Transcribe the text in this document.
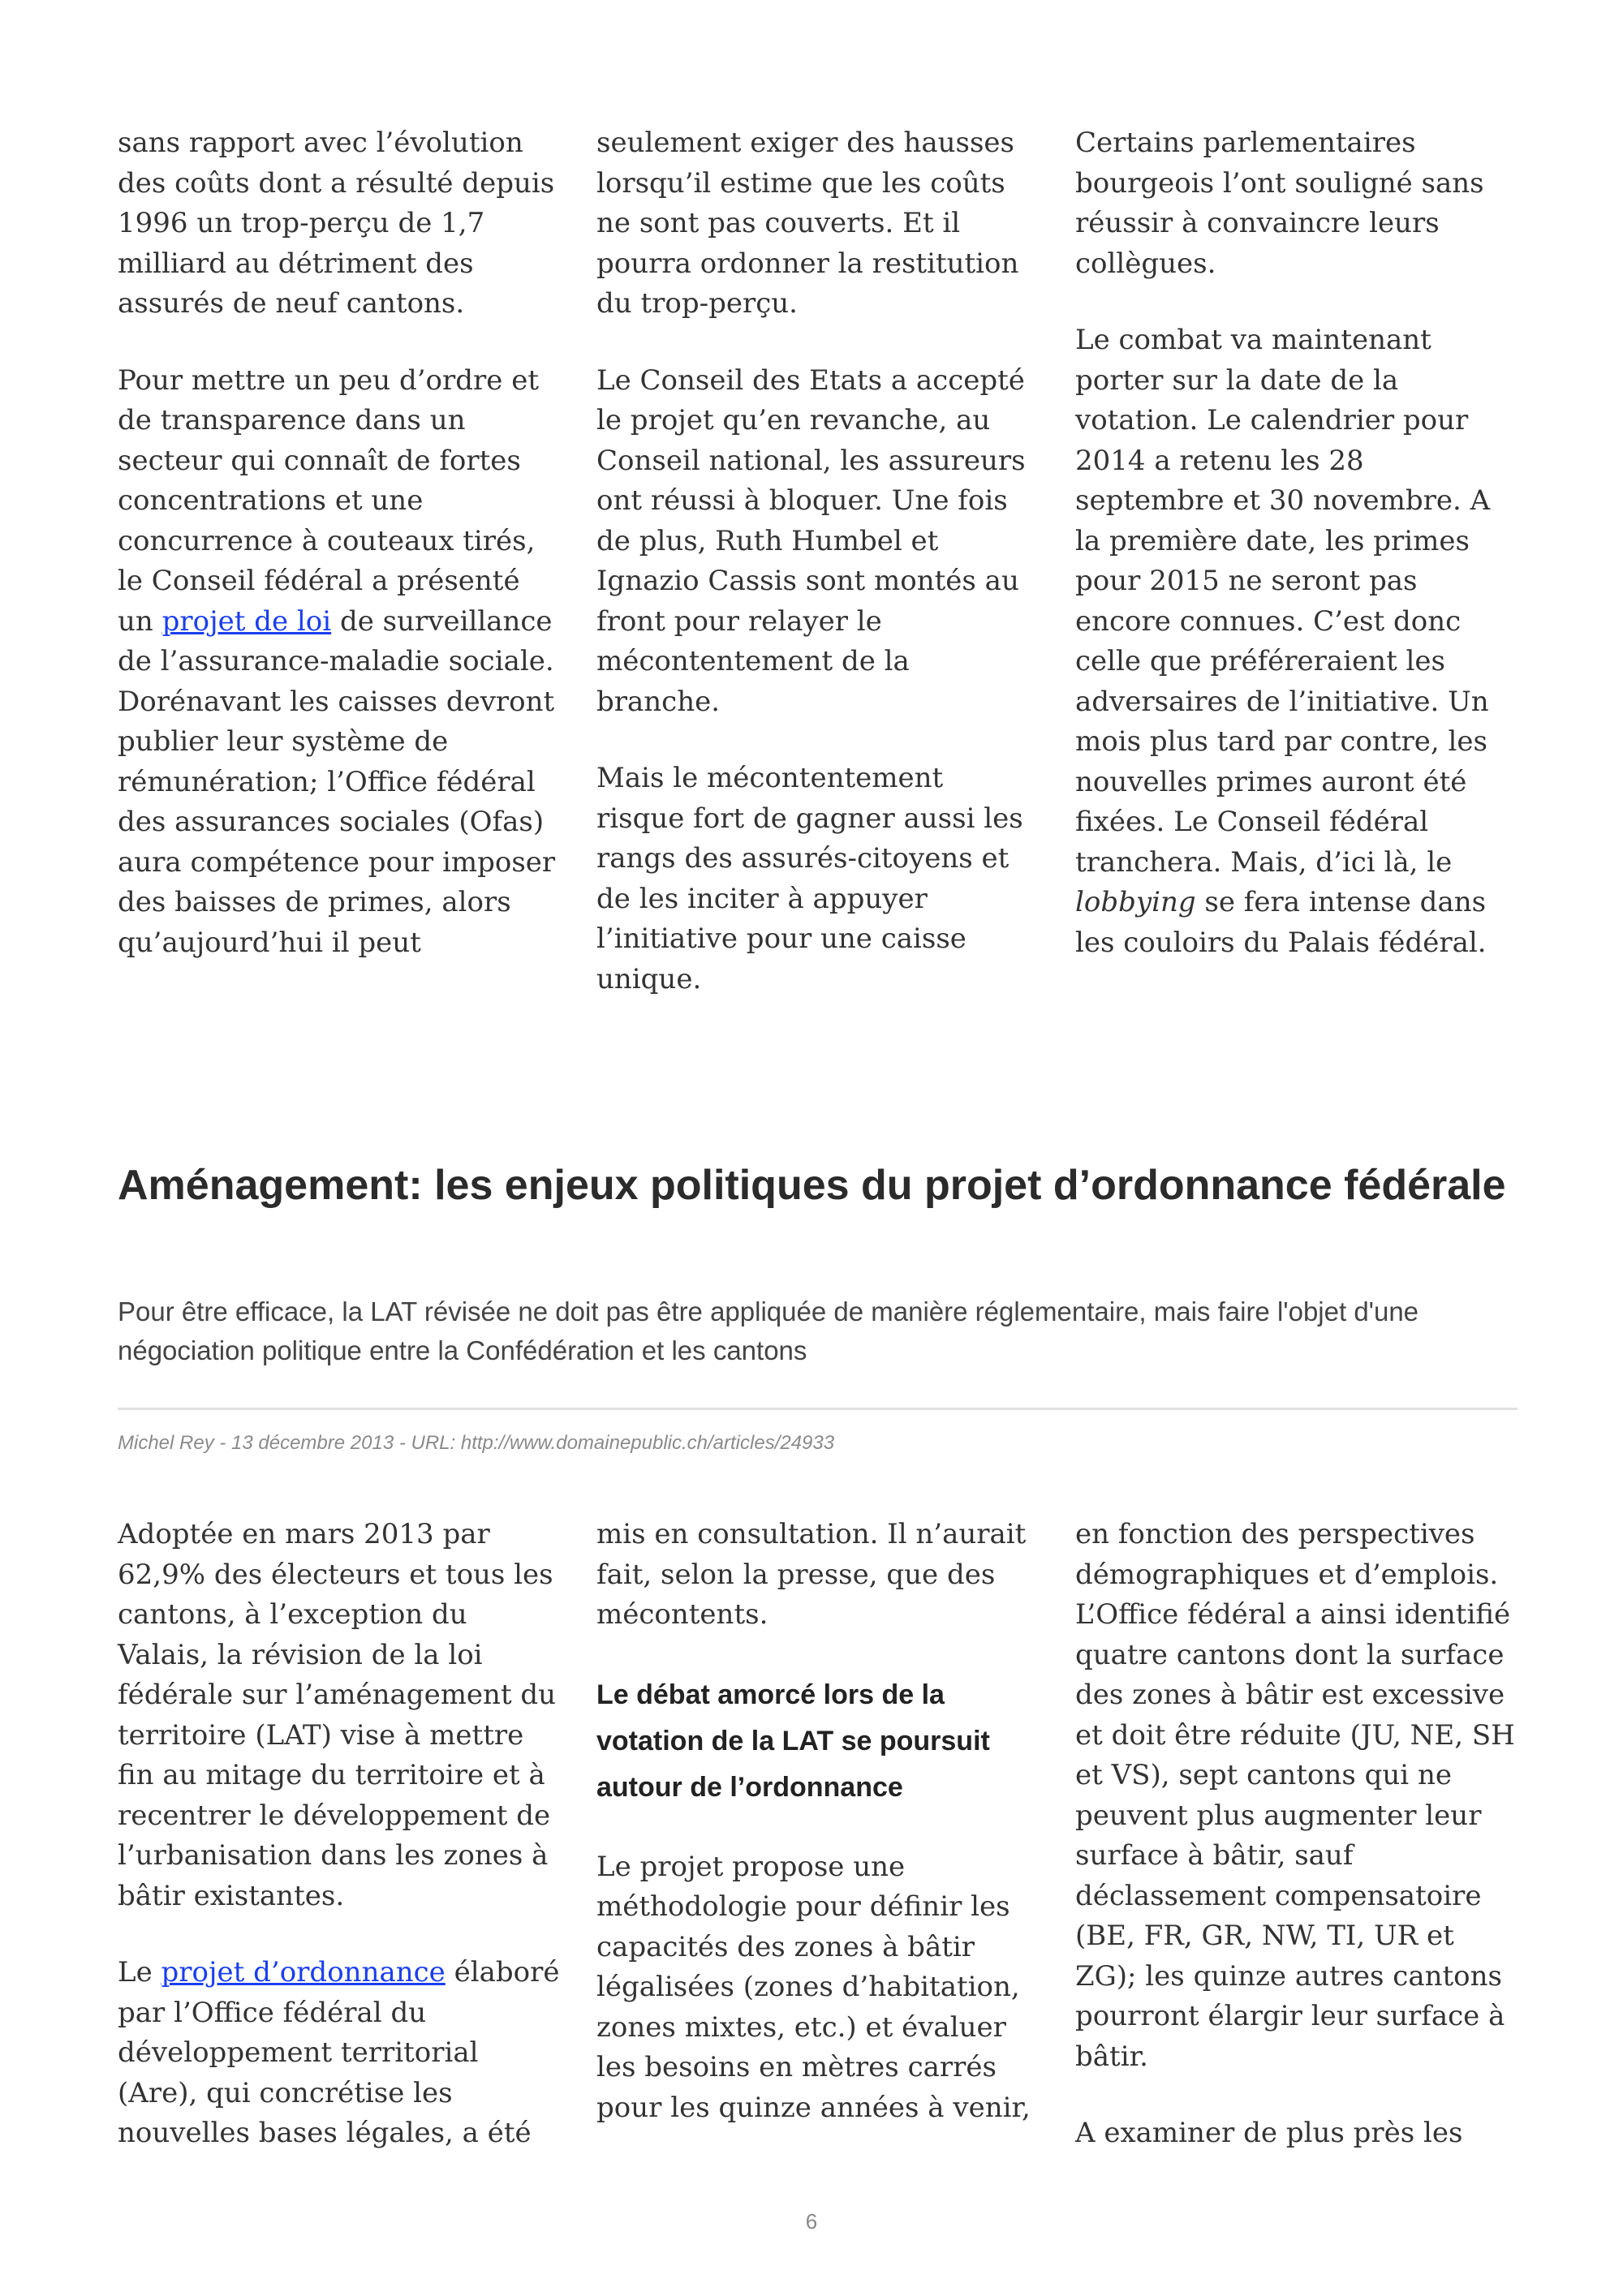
sans rapport avec l’évolution des coûts dont a résulté depuis 1996 un trop-perçu de 1,7 milliard au détriment des assurés de neuf cantons.

Pour mettre un peu d’ordre et de transparence dans un secteur qui connaît de fortes concentrations et une concurrence à couteaux tirés, le Conseil fédéral a présenté un projet de loi de surveillance de l’assurance-maladie sociale. Dorénavant les caisses devront publier leur système de rémunération; l’Office fédéral des assurances sociales (Ofas) aura compétence pour imposer des baisses de primes, alors qu’aujourd’hui il peut

seulement exiger des hausses lorsqu’il estime que les coûts ne sont pas couverts. Et il pourra ordonner la restitution du trop-perçu.

Le Conseil des Etats a accepté le projet qu’en revanche, au Conseil national, les assureurs ont réussi à bloquer. Une fois de plus, Ruth Humbel et Ignazio Cassis sont montés au front pour relayer le mécontentement de la branche.

Mais le mécontentement risque fort de gagner aussi les rangs des assurés-citoyens et de les inciter à appuyer l’initiative pour une caisse unique.

Certains parlementaires bourgeois l’ont souligné sans réussir à convaincre leurs collègues.

Le combat va maintenant porter sur la date de la votation. Le calendrier pour 2014 a retenu les 28 septembre et 30 novembre. A la première date, les primes pour 2015 ne seront pas encore connues. C’est donc celle que préféreraient les adversaires de l’initiative. Un mois plus tard par contre, les nouvelles primes auront été fixées. Le Conseil fédéral tranchera. Mais, d’ici là, le lobbying se fera intense dans les couloirs du Palais fédéral.

Aménagement: les enjeux politiques du projet d’ordonnance fédérale

Pour être efficace, la LAT révisée ne doit pas être appliquée de manière réglementaire, mais faire l'objet d'une négociation politique entre la Confédération et les cantons

Michel Rey - 13 décembre 2013 - URL: http://www.domainepublic.ch/articles/24933

Adoptée en mars 2013 par 62,9% des électeurs et tous les cantons, à l’exception du Valais, la révision de la loi fédérale sur l’aménagement du territoire (LAT) vise à mettre fin au mitage du territoire et à recentrer le développement de l’urbanisation dans les zones à bâtir existantes.

Le projet d’ordonnance élaboré par l’Office fédéral du développement territorial (Are), qui concrétise les nouvelles bases légales, a été

mis en consultation. Il n’aurait fait, selon la presse, que des mécontents.

Le débat amorcé lors de la votation de la LAT se poursuit autour de l’ordonnance

Le projet propose une méthodologie pour définir les capacités des zones à bâtir légalisées (zones d’habitation, zones mixtes, etc.) et évaluer les besoins en mètres carrés pour les quinze années à venir,

en fonction des perspectives démographiques et d’emplois. L’Office fédéral a ainsi identifié quatre cantons dont la surface des zones à bâtir est excessive et doit être réduite (JU, NE, SH et VS), sept cantons qui ne peuvent plus augmenter leur surface à bâtir, sauf déclassement compensatoire (BE, FR, GR, NW, TI, UR et ZG); les quinze autres cantons pourront élargir leur surface à bâtir.

A examiner de plus près les

6
